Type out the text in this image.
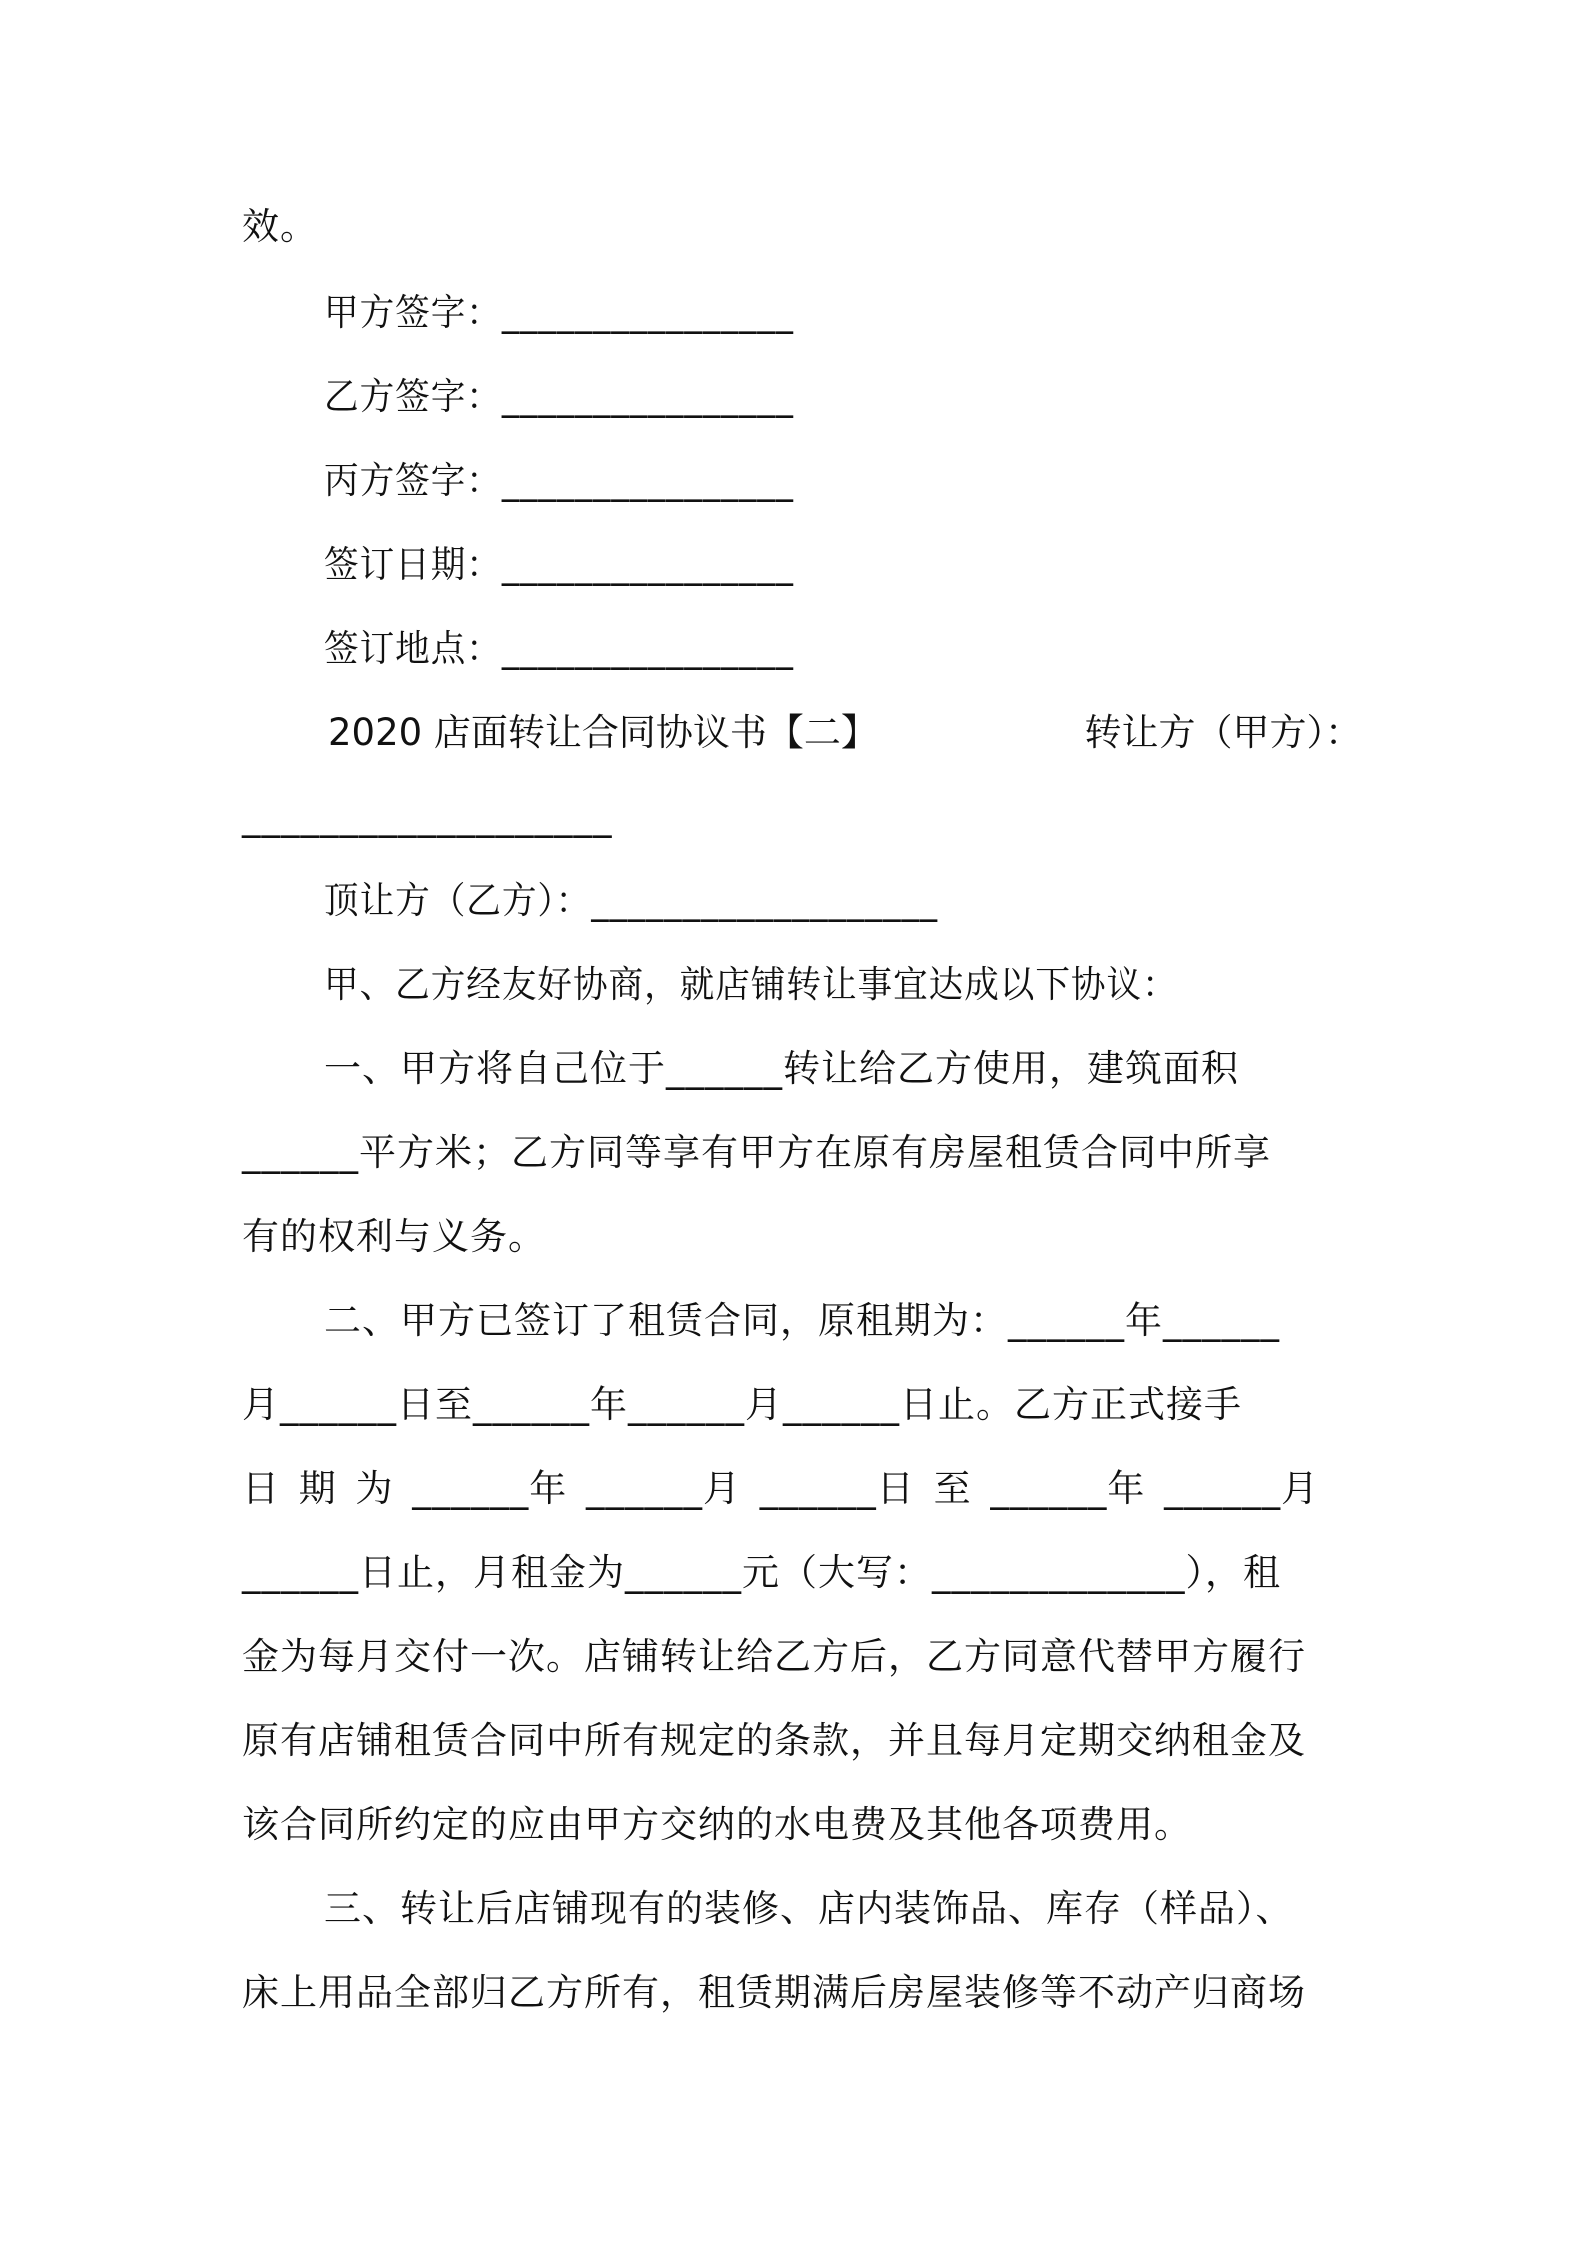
效。
甲方签字：________________
乙方签字：________________
丙方签字：________________
签订日期：________________
签订地点：________________
2020 店面转让合同协议书【二】	转让方（甲方）：
___________________
顶让方（乙方）：___________________
甲、乙方经友好协商，就店铺转让事宜达成以下协议：
一、甲方将自己位于______转让给乙方使用，建筑面积
______平方米；乙方同等享有甲方在原有房屋租赁合同中所享
有的权利与义务。
二、甲方已签订了租赁合同，原租期为：______年______
月______日至______年______月______日止。乙方正式接手
日 期 为 ______年 ______月 ______日 至 ______年 ______月
______日止，月租金为______元（大写：_____________），租
金为每月交付一次。店铺转让给乙方后，乙方同意代替甲方履行
原有店铺租赁合同中所有规定的条款，并且每月定期交纳租金及
该合同所约定的应由甲方交纳的水电费及其他各项费用。
三、转让后店铺现有的装修、店内装饰品、库存（样品）、
床上用品全部归乙方所有，租赁期满后房屋装修等不动产归商场
